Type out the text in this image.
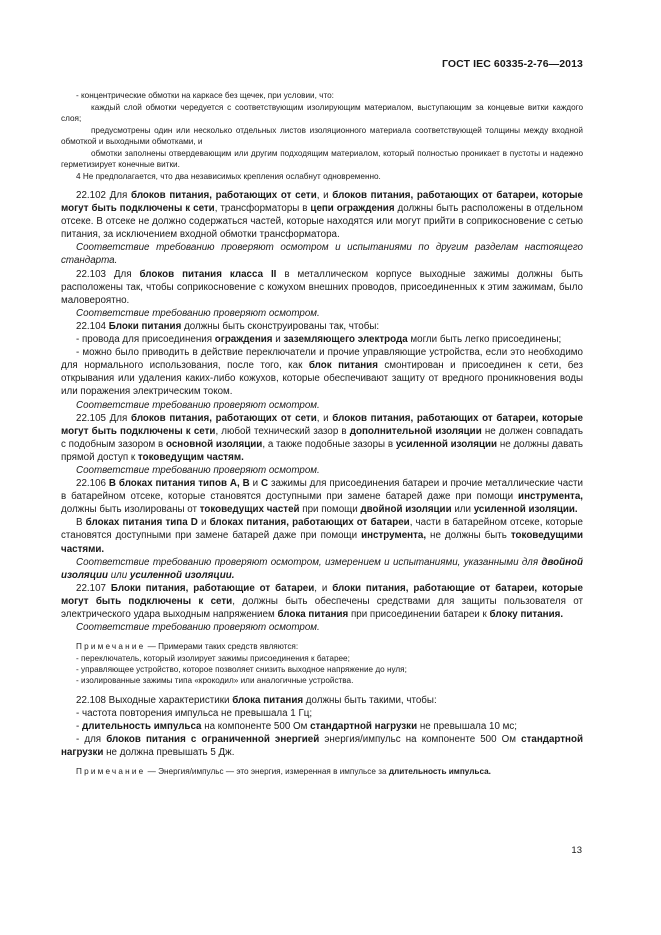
ГОСТ IEC 60335-2-76—2013

- концентрические обмотки на каркасе без щечек, при условии, что:

каждый слой обмотки чередуется с соответствующим изолирующим материалом, выступающим за концевые витки каждого слоя;

предусмотрены один или несколько отдельных листов изоляционного материала соответствующей толщины между входной обмоткой и выходными обмотками, и

обмотки заполнены отвердевающим или другим подходящим материалом, который полностью проникает в пустоты и надежно герметизирует конечные витки.

4 Не предполагается, что два независимых крепления ослабнут одновременно.

22.102 Для блоков питания, работающих от сети, и блоков питания, работающих от батареи, которые могут быть подключены к сети, трансформаторы в цепи ограждения должны быть расположены в отдельном отсеке. В отсеке не должно содержаться частей, которые находятся или могут прийти в соприкосновение с сетью питания, за исключением входной обмотки трансформатора.

Соответствие требованию проверяют осмотром и испытаниями по другим разделам настоящего стандарта.

22.103 Для блоков питания класса II в металлическом корпусе выходные зажимы должны быть расположены так, чтобы соприкосновение с кожухом внешних проводов, присоединенных к этим зажимам, было маловероятно.

Соответствие требованию проверяют осмотром.

22.104 Блоки питания должны быть сконструированы так, чтобы:

- провода для присоединения ограждения и заземляющего электрода могли быть легко присоединены;

- можно было приводить в действие переключатели и прочие управляющие устройства, если это необходимо для нормального использования, после того, как блок питания смонтирован и присоединен к сети, без открывания или удаления каких-либо кожухов, которые обеспечивают защиту от вредного проникновения воды или поражения электрическим током.

Соответствие требованию проверяют осмотром.

22.105 Для блоков питания, работающих от сети, и блоков питания, работающих от батареи, которые могут быть подключены к сети, любой технический зазор в дополнительной изоляции не должен совпадать с подобным зазором в основной изоляции, а также подобные зазоры в усиленной изоляции не должны давать прямой доступ к токоведущим частям.

Соответствие требованию проверяют осмотром.

22.106 В блоках питания типов A, B и C зажимы для присоединения батареи и прочие металлические части в батарейном отсеке, которые становятся доступными при замене батарей даже при помощи инструмента, должны быть изолированы от токоведущих частей при помощи двойной изоляции или усиленной изоляции.

В блоках питания типа D и блоках питания, работающих от батареи, части в батарейном отсеке, которые становятся доступными при замене батарей даже при помощи инструмента, не должны быть токоведущими частями.

Соответствие требованию проверяют осмотром, измерением и испытаниями, указанными для двойной изоляции или усиленной изоляции.

22.107 Блоки питания, работающие от батареи, и блоки питания, работающие от батареи, которые могут быть подключены к сети, должны быть обеспечены средствами для защиты пользователя от электрического удара выходным напряжением блока питания при присоединении батареи к блоку питания.

Соответствие требованию проверяют осмотром.

Примечание — Примерами таких средств являются:

- переключатель, который изолирует зажимы присоединения к батарее;

- управляющее устройство, которое позволяет снизить выходное напряжение до нуля;

- изолированные зажимы типа «крокодил» или аналогичные устройства.

22.108 Выходные характеристики блока питания должны быть такими, чтобы:

- частота повторения импульса не превышала 1 Гц;

- длительность импульса на компоненте 500 Ом стандартной нагрузки не превышала 10 мс;

- для блоков питания с ограниченной энергией энергия/импульс на компоненте 500 Ом стандартной нагрузки не должна превышать 5 Дж.

Примечание — Энергия/импульс — это энергия, измеренная в импульсе за длительность импульса.

13
